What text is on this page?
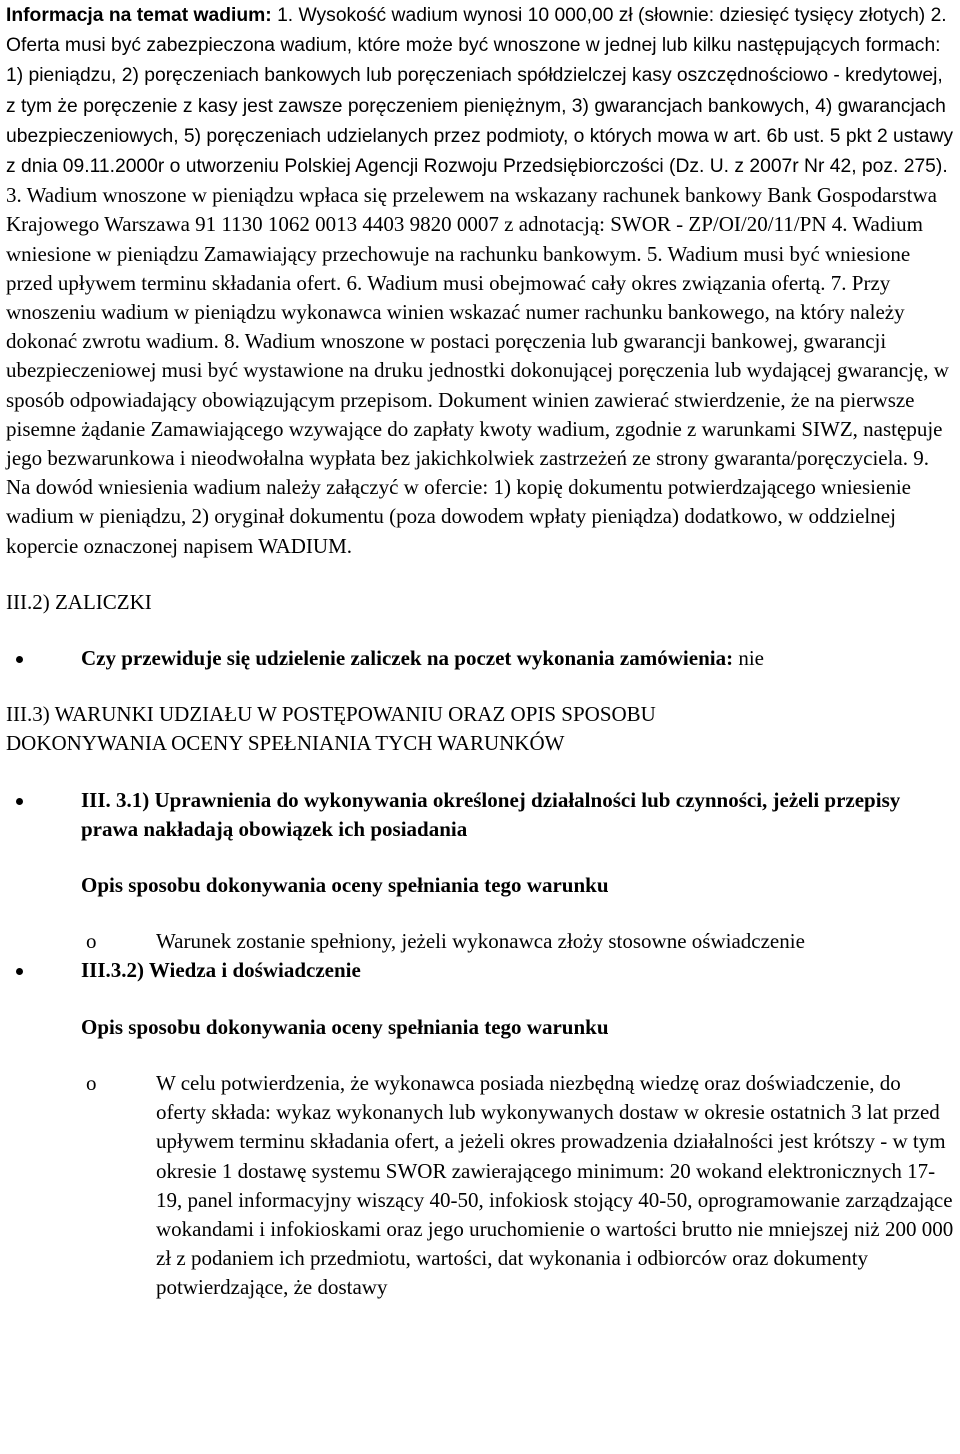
Informacja na temat wadium: 1. Wysokość wadium wynosi 10 000,00 zł (słownie: dziesięć tysięcy złotych) 2. Oferta musi być zabezpieczona wadium, które może być wnoszone w jednej lub kilku następujących formach: 1) pieniądzu, 2) poręczeniach bankowych lub poręczeniach spółdzielczej kasy oszczędnościowo - kredytowej, z tym że poręczenie z kasy jest zawsze poręczeniem pieniężnym, 3) gwarancjach bankowych, 4) gwarancjach ubezpieczeniowych, 5) poręczeniach udzielanych przez podmioty, o których mowa w art. 6b ust. 5 pkt 2 ustawy z dnia 09.11.2000r o utworzeniu Polskiej Agencji Rozwoju Przedsiębiorczości (Dz. U. z 2007r Nr 42, poz. 275). 3. Wadium wnoszone w pieniądzu wpłaca się przelewem na wskazany rachunek bankowy Bank Gospodarstwa Krajowego Warszawa 91 1130 1062 0013 4403 9820 0007 z adnotacją: SWOR - ZP/OI/20/11/PN 4. Wadium wniesione w pieniądzu Zamawiający przechowuje na rachunku bankowym. 5. Wadium musi być wniesione przed upływem terminu składania ofert. 6. Wadium musi obejmować cały okres związania ofertą. 7. Przy wnoszeniu wadium w pieniądzu wykonawca winien wskazać numer rachunku bankowego, na który należy dokonać zwrotu wadium. 8. Wadium wnoszone w postaci poręczenia lub gwarancji bankowej, gwarancji ubezpieczeniowej musi być wystawione na druku jednostki dokonującej poręczenia lub wydającej gwarancję, w sposób odpowiadający obowiązującym przepisom. Dokument winien zawierać stwierdzenie, że na pierwsze pisemne żądanie Zamawiającego wzywające do zapłaty kwoty wadium, zgodnie z warunkami SIWZ, następuje jego bezwarunkowa i nieodwołalna wypłata bez jakichkolwiek zastrzeżeń ze strony gwaranta/poręczyciela. 9. Na dowód wniesienia wadium należy załączyć w ofercie: 1) kopię dokumentu potwierdzającego wniesienie wadium w pieniądzu, 2) oryginał dokumentu (poza dowodem wpłaty pieniądza) dodatkowo, w oddzielnej kopercie oznaczonej napisem WADIUM.

III.2) ZALICZKI

Czy przewiduje się udzielenie zaliczek na poczet wykonania zamówienia: nie

III.3) WARUNKI UDZIAŁU W POSTĘPOWANIU ORAZ OPIS SPOSOBU
DOKONYWANIA OCENY SPEŁNIANIA TYCH WARUNKÓW

III. 3.1) Uprawnienia do wykonywania określonej działalności lub czynności, jeżeli przepisy prawa nakładają obowiązek ich posiadania
Opis sposobu dokonywania oceny spełniania tego warunku
o	Warunek zostanie spełniony, jeżeli wykonawca złoży stosowne oświadczenie
III.3.2) Wiedza i doświadczenie
Opis sposobu dokonywania oceny spełniania tego warunku
o	W celu potwierdzenia, że wykonawca posiada niezbędną wiedzę oraz doświadczenie, do oferty składa: wykaz wykonanych lub wykonywanych dostaw w okresie ostatnich 3 lat przed upływem terminu składania ofert, a jeżeli okres prowadzenia działalności jest krótszy - w tym okresie 1 dostawę systemu SWOR zawierającego minimum: 20 wokand elektronicznych 17-19, panel informacyjny wiszący 40-50, infokiosk stojący 40-50, oprogramowanie zarządzające wokandami i infokioskami oraz jego uruchomienie o wartości brutto nie mniejszej niż 200 000 zł z podaniem ich przedmiotu, wartości, dat wykonania i odbiorców oraz dokumenty potwierdzające, że dostawy
